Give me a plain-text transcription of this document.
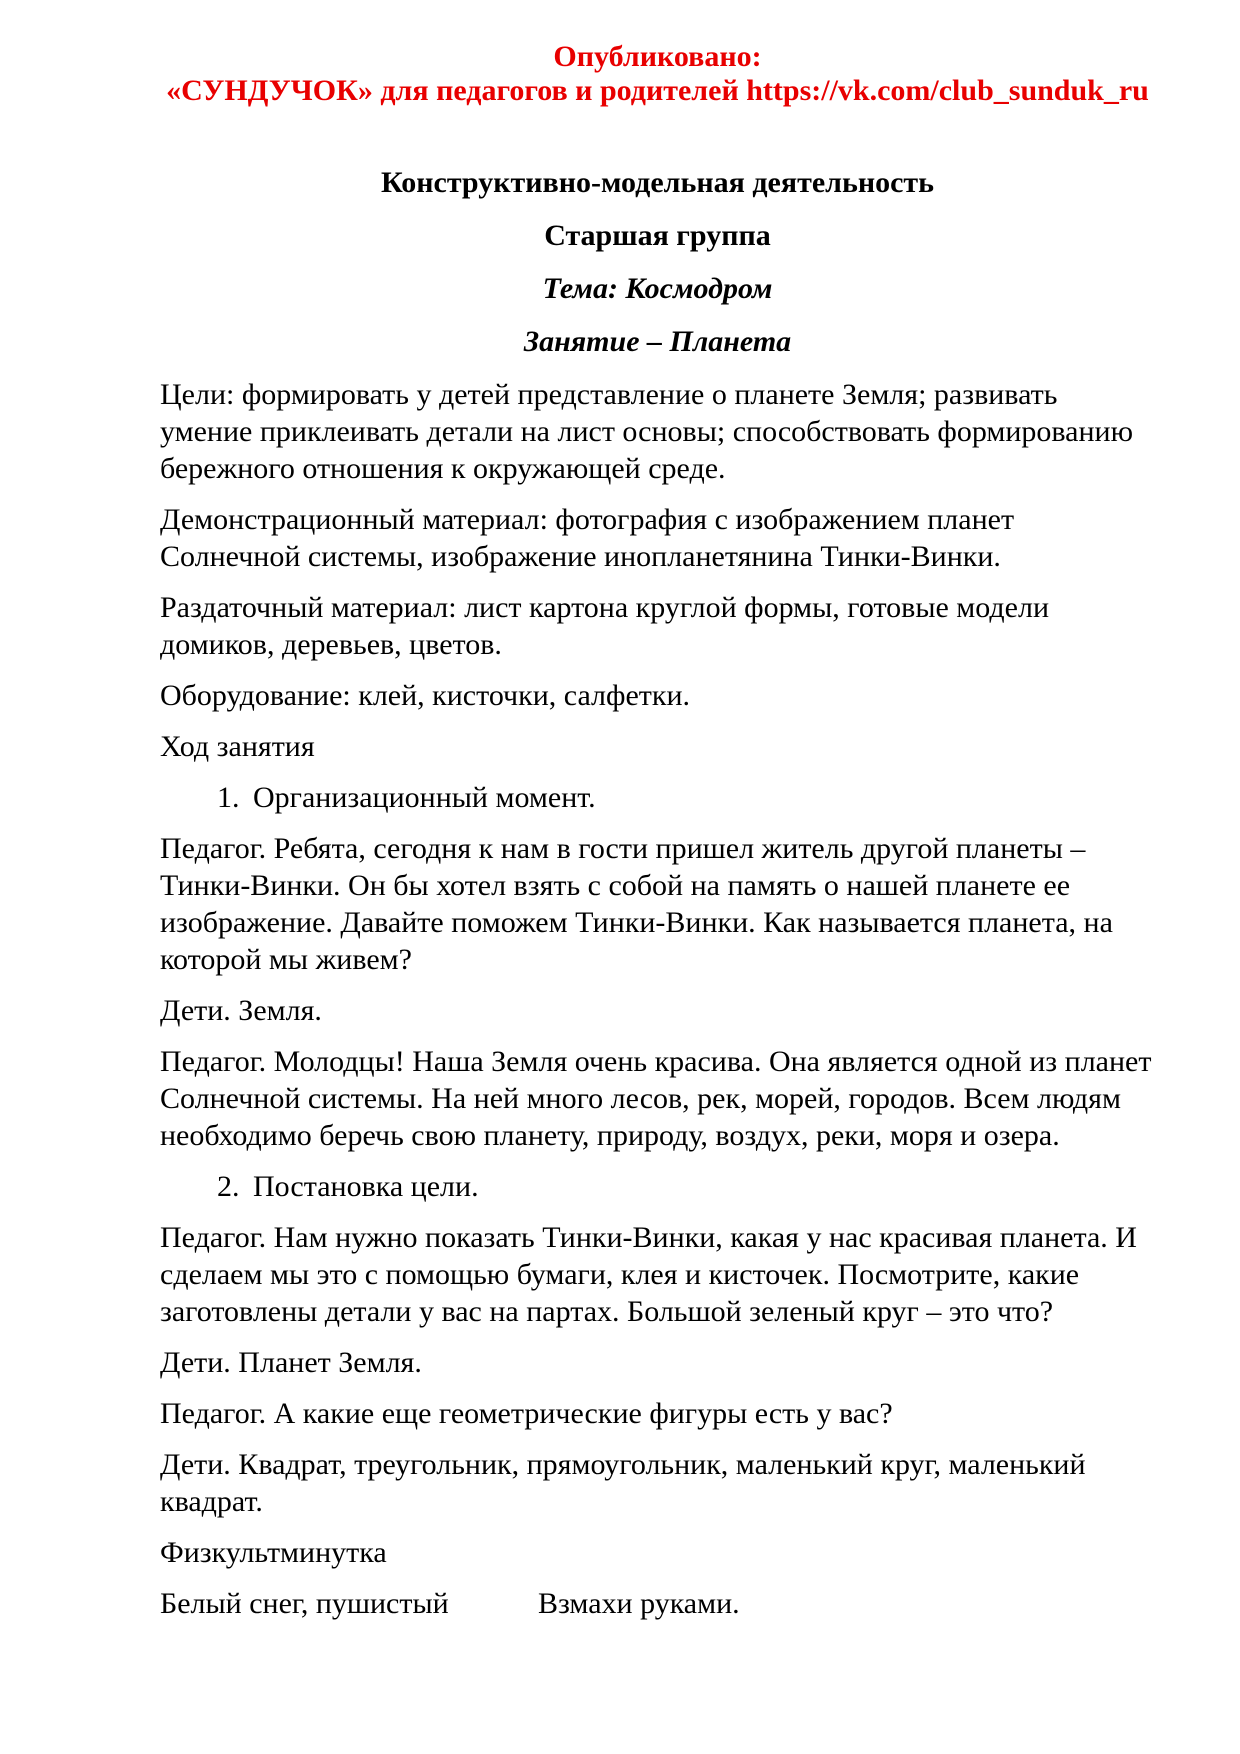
Опубликовано:
«СУНДУЧОК» для педагогов и родителей https://vk.com/club_sunduk_ru

Конструктивно-модельная деятельность

Старшая группа

Тема: Космодром

Занятие – Планета

Цели: формировать у детей представление о планете Земля; развивать умение приклеивать детали на лист основы; способствовать формированию бережного отношения к окружающей среде.

Демонстрационный материал: фотография с изображением планет Солнечной системы, изображение инопланетянина Тинки-Винки.

Раздаточный материал: лист картона круглой формы, готовые модели домиков, деревьев, цветов.

Оборудование: клей, кисточки, салфетки.

Ход занятия

1. Организационный момент.

Педагог. Ребята, сегодня к нам в гости пришел житель другой планеты – Тинки-Винки. Он бы хотел взять с собой на память о нашей планете ее изображение. Давайте поможем Тинки-Винки. Как называется планета, на которой мы живем?

Дети. Земля.

Педагог. Молодцы! Наша Земля очень красива. Она является одной из планет Солнечной системы. На ней много лесов, рек, морей, городов. Всем людям необходимо беречь свою планету, природу, воздух, реки, моря и озера.

2. Постановка цели.

Педагог. Нам нужно показать Тинки-Винки, какая у нас красивая планета. И сделаем мы это с помощью бумаги, клея и кисточек. Посмотрите, какие заготовлены детали у вас на партах. Большой зеленый круг – это что?

Дети. Планет Земля.

Педагог. А какие еще геометрические фигуры есть у вас?

Дети. Квадрат, треугольник, прямоугольник, маленький круг, маленький квадрат.

Физкультминутка

Белый снег, пушистый	Взмахи руками.
